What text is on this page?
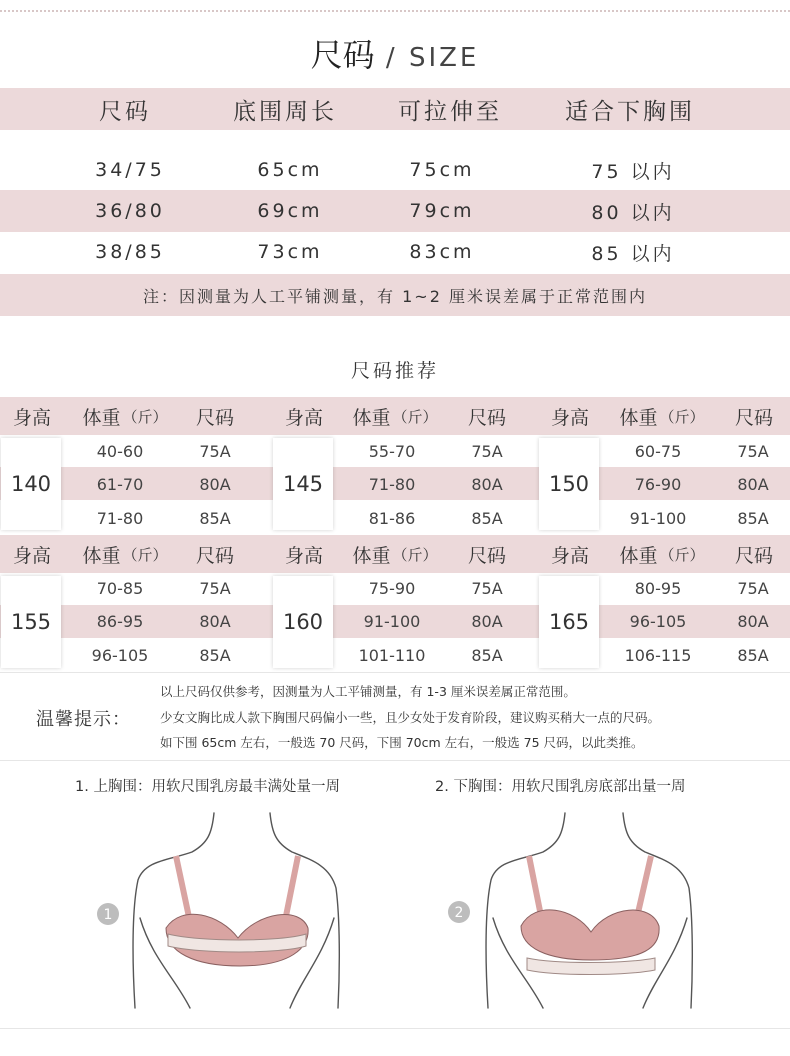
尺码 / SIZE
尺码	底围周长	可拉伸至	适合下胸围
34/75	65cm	75cm	75 以内
36/80	69cm	79cm	80 以内
38/85	73cm	83cm	85 以内
注：因测量为人工平铺测量，有 1~2 厘米误差属于正常范围内
尺码推荐
身高	体重 （斤）	尺码	身高	体重 （斤）	尺码	身高	体重 （斤）	尺码
140
40-60	75A
61-70	80A
71-80	85A
145
55-70	75A
71-80	80A
81-86	85A
150
60-75	75A
76-90	80A
91-100	85A
身高	体重 （斤）	尺码	身高	体重 （斤）	尺码	身高	体重 （斤）	尺码
155
70-85	75A
86-95	80A
96-105	85A
160
75-90	75A
91-100	80A
101-110	85A
165
80-95	75A
96-105	80A
106-115	85A
温馨提示：
以上尺码仅供参考，因测量为人工平铺测量，有 1-3 厘米误差属正常范围。
少女文胸比成人款下胸围尺码偏小一些，且少女处于发育阶段，建议购买稍大一点的尺码。
如下围 65cm 左右，一般选 70 尺码，下围 70cm 左右，一般选 75 尺码，以此类推。
1. 上胸围：用软尺围乳房最丰满处量一周	2. 下胸围：用软尺围乳房底部出量一周
1	2
